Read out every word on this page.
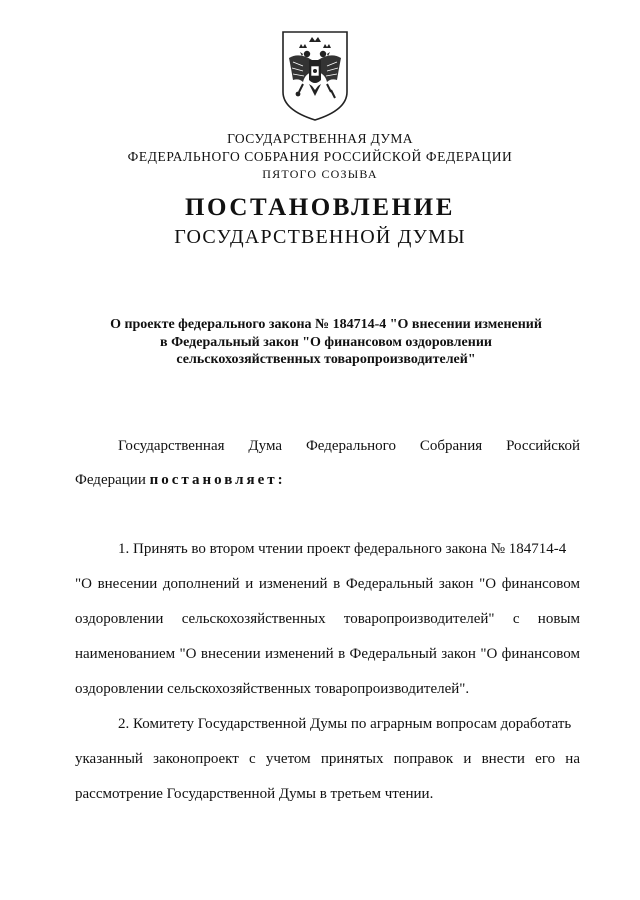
ГОСУДАРСТВЕННАЯ ДУМА
ФЕДЕРАЛЬНОГО СОБРАНИЯ РОССИЙСКОЙ ФЕДЕРАЦИИ
ПЯТОГО СОЗЫВА
ПОСТАНОВЛЕНИЕ
ГОСУДАРСТВЕННОЙ ДУМЫ
О проекте федерального закона № 184714-4 "О внесении изменений
в Федеральный закон "О финансовом оздоровлении
сельскохозяйственных товаропроизводителей"
Государственная Дума Федерального Собрания Российской
Федерации постановляет:
1. Принять во втором чтении проект федерального закона № 184714-4
"О внесении дополнений и изменений в Федеральный закон "О финансовом
оздоровлении сельскохозяйственных товаропроизводителей" с новым
наименованием "О внесении изменений в Федеральный закон "О финансовом
оздоровлении сельскохозяйственных товаропроизводителей".
2. Комитету Государственной Думы по аграрным вопросам доработать
указанный законопроект с учетом принятых поправок и внести его на
рассмотрение Государственной Думы в третьем чтении.
